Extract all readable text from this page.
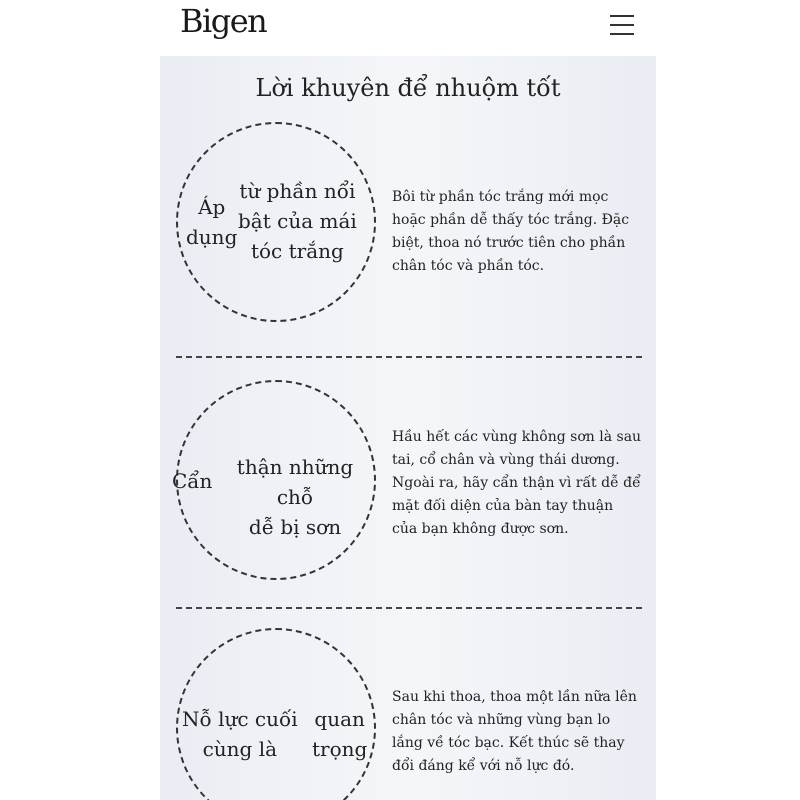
Bigen
Lời khuyên để nhuộm tốt
Áp
dụng
từ phần nổi
bật của mái
tóc trắng
Bôi từ phần tóc trắng mới mọc hoặc phần dễ thấy tóc trắng. Đặc biệt, thoa nó trước tiên cho phần chân tóc và phần tóc.
Cẩn
thận những chỗ
dễ bị sơn
Hầu hết các vùng không sơn là sau tai, cổ chân và vùng thái dương. Ngoài ra, hãy cẩn thận vì rất dễ để mặt đối diện của bàn tay thuận của bạn không được sơn.
Nỗ lực cuối
cùng là
quan
trọng
Sau khi thoa, thoa một lần nữa lên chân tóc và những vùng bạn lo lắng về tóc bạc. Kết thúc sẽ thay đổi đáng kể với nỗ lực đó.
